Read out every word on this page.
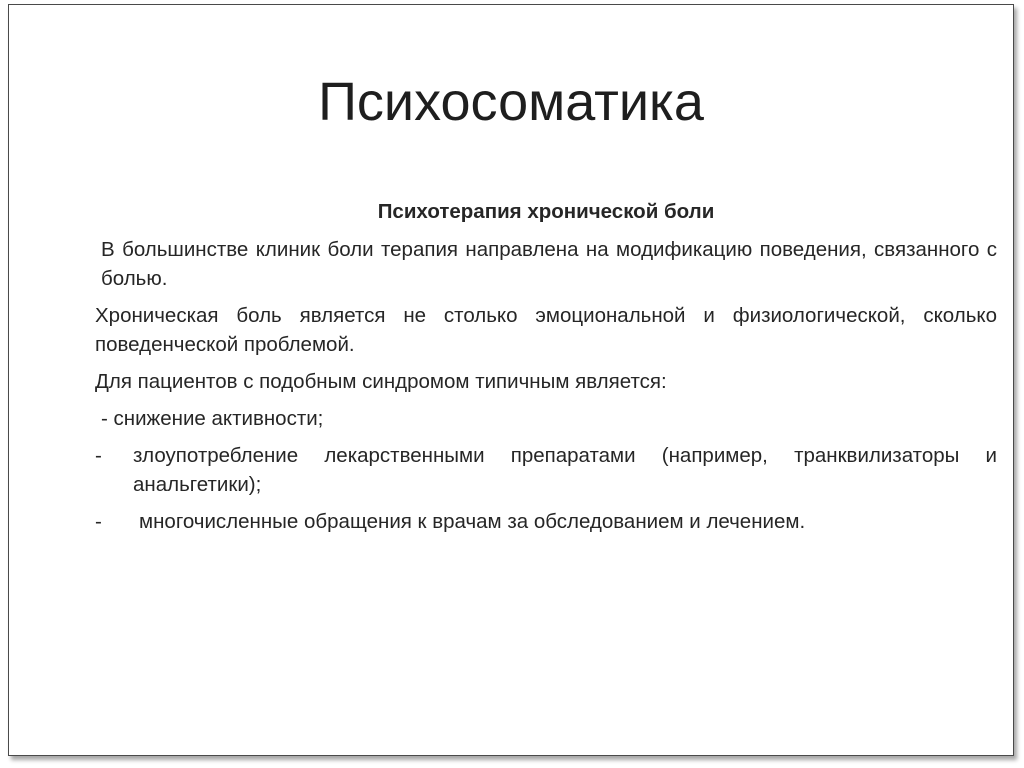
Психосоматика

Психотерапия хронической боли

В большинстве клиник боли терапия направлена на модификацию поведения, связанного с болью.

Хроническая боль является не столько эмоциональной и физиологической, сколько поведенческой проблемой.

Для пациентов с подобным синдромом типичным является:

- снижение активности;

-	злоупотребление лекарственными препаратами (например, транквилизаторы и анальгетики);
-	многочисленные обращения к врачам за обследованием и лечением.
